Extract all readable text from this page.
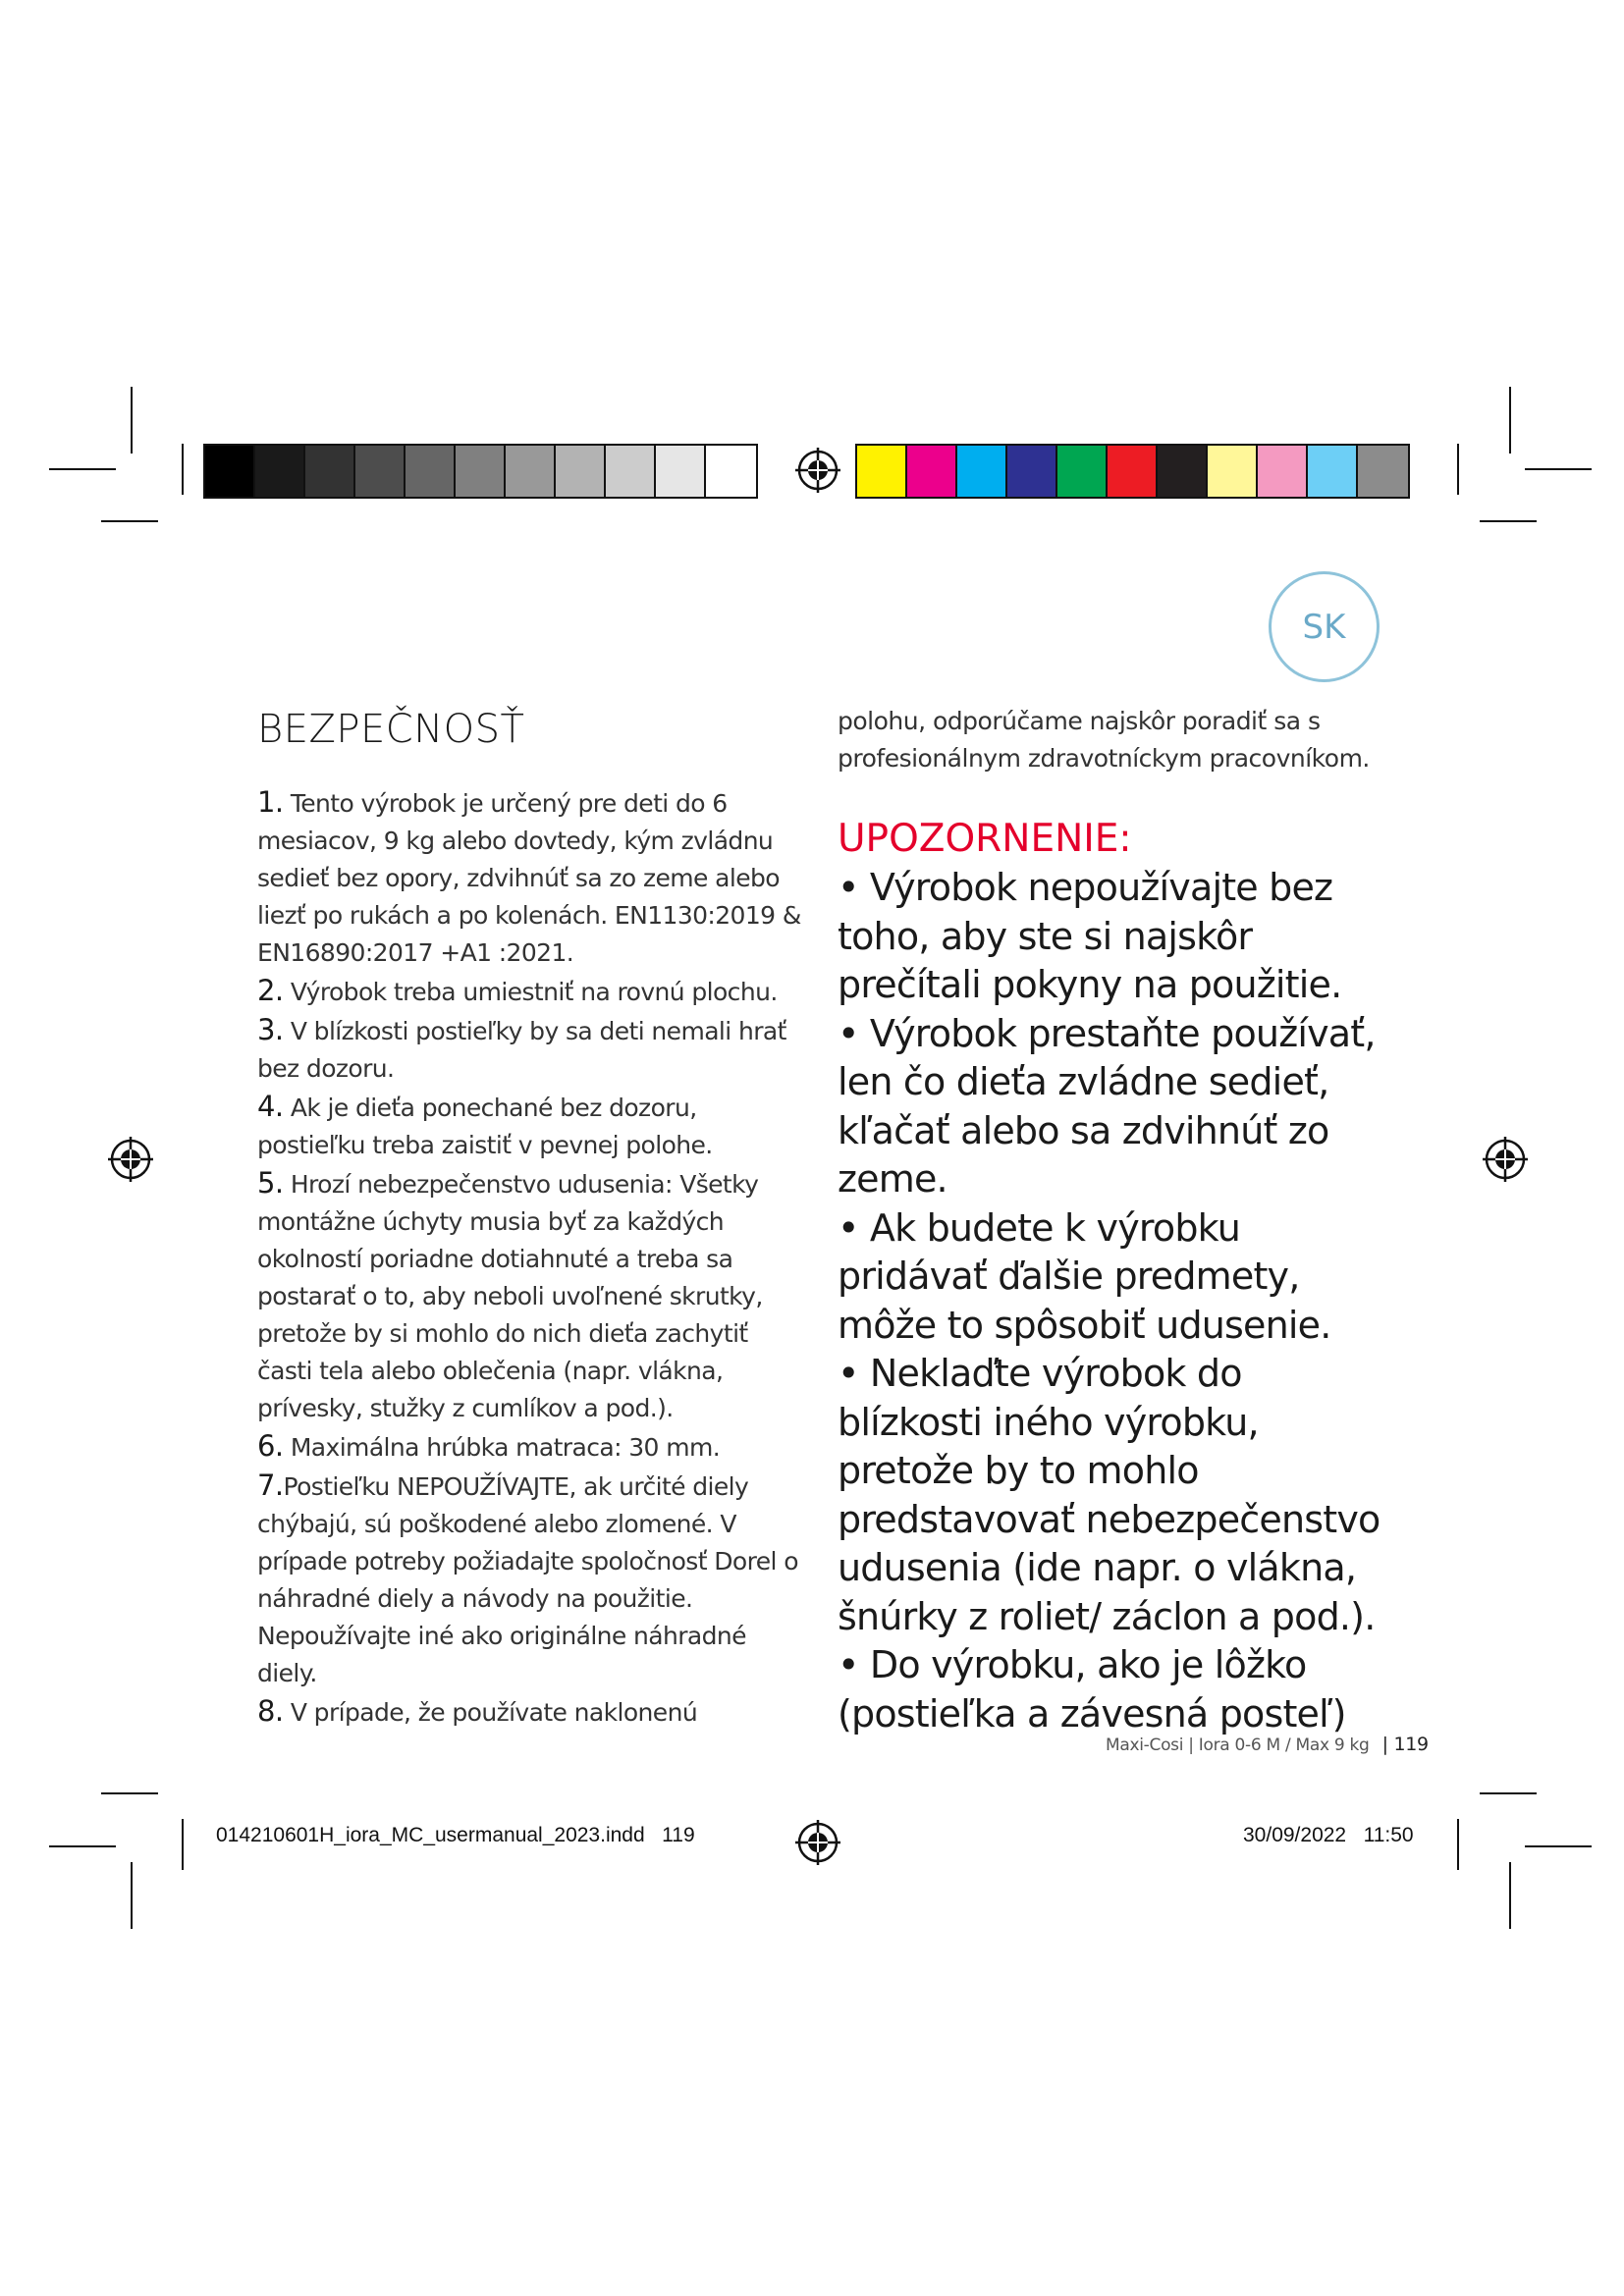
SK
BEZPEČNOSŤ

1. Tento výrobok je určený pre deti do 6 mesiacov, 9 kg alebo dovtedy, kým zvládnu sedieť bez opory, zdvihnúť sa zo zeme alebo liezť po rukách a po kolenách. EN1130:2019 & EN16890:2017 +A1 :2021.

2. Výrobok treba umiestniť na rovnú plochu.

3. V blízkosti postieľky by sa deti nemali hrať bez dozoru.

4. Ak je dieťa ponechané bez dozoru, postieľku treba zaistiť v pevnej polohe.

5. Hrozí nebezpečenstvo udusenia: Všetky montážne úchyty musia byť za každých okolností poriadne dotiahnuté a treba sa postarať o to, aby neboli uvoľnené skrutky, pretože by si mohlo do nich dieťa zachytiť časti tela alebo oblečenia (napr. vlákna, prívesky, stužky z cumlíkov a pod.).

6. Maximálna hrúbka matraca: 30 mm.

7.Postieľku NEPOUŽÍVAJTE, ak určité diely chýbajú, sú poškodené alebo zlomené. V prípade potreby požiadajte spoločnosť Dorel o náhradné diely a návody na použitie. Nepoužívajte iné ako originálne náhradné diely.

8. V prípade, že používate naklonenú

polohu, odporúčame najskôr poradiť sa s profesionálnym zdravotníckym pracovníkom.

UPOZORNENIE:

• Výrobok nepoužívajte bez toho, aby ste si najskôr prečítali pokyny na použitie.

• Výrobok prestaňte používať, len čo dieťa zvládne sedieť, kľačať alebo sa zdvihnúť zo zeme.

• Ak budete k výrobku pridávať ďalšie predmety, môže to spôsobiť udusenie.

• Neklaďte výrobok do blízkosti iného výrobku, pretože by to mohlo predstavovať nebezpečenstvo udusenia (ide napr. o vlákna, šnúrky z roliet/ záclon a pod.).

• Do výrobku, ako je lôžko (postieľka a závesná posteľ)

Maxi-Cosi | Iora 0-6 M / Max 9 kg | 119
014210601H_iora_MC_usermanual_2023.indd   119	30/09/2022   11:50
